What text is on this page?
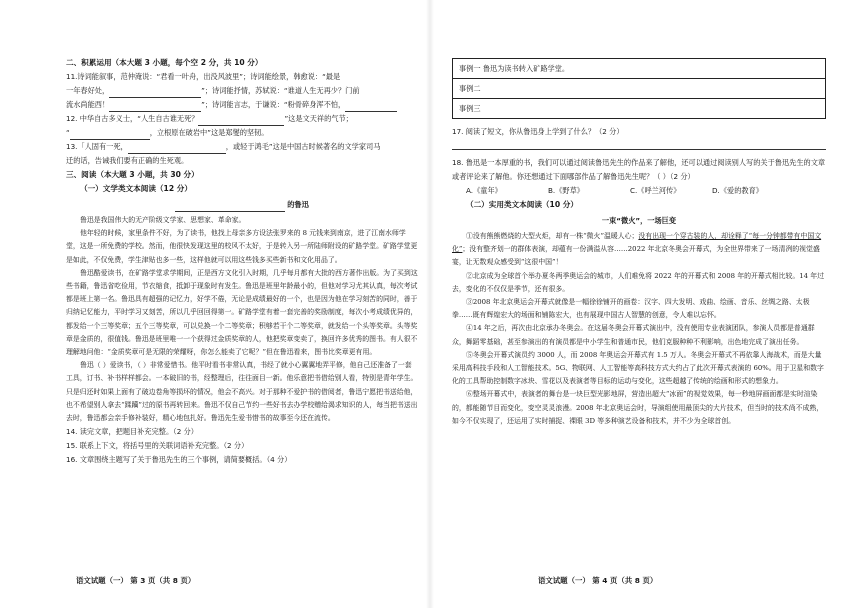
二、积累运用（本大题 3 小题，每个空 2 分，共 10 分）
11.诗词能叙事，范仲淹说：“君看一叶舟，出没风波里”；诗词能绘景，韩愈说：“最是
一年春好处，	”；诗词能抒情，苏轼说：“谁道人生无再少？门前
流水尚能西！	”；诗词能言志，于谦说：“粉骨碎身浑不怕，
12. 中华自古多义士，“人生自古谁无死？	”这是文天祥的气节；
“	，立根原在破岩中”这是郑燮的坚韧。
13.「人固有一死，	，或轻于鸿毛”这是中国古时候著名的文学家司马
迁的话，告诫我们要有正确的生死观。
三、阅读（本大题 3 小题，共 30 分）
（一）文学类文本阅读（12 分）
的鲁迅

鲁迅是我国伟大的无产阶级文学家、思想家、革命家。

他年轻的时候，家里条件不好，为了读书，他找上母亲多方设法张罗来的 8 元钱来到南京，进了江南水师学堂，这是一所免费的学校。然而，他很快发现这里的校风不太好，于是转入另一所陆师附设的矿路学堂。矿路学堂更是如此，不仅免费，学生津贴也多一些，这样他就可以用这些钱多买些新书和文化用品了。

鲁迅酷爱读书，在矿路学堂求学期间，正是西方文化引入时期，几乎每月都有大批的西方著作出版。为了买到这些书籍，鲁迅省吃俭用，节衣缩食，抵卸于现象时有发生。鲁迅是班里年龄最小的，但他对学习尤其认真，每次考试都是班上第一名。鲁迅具有超强的记忆力，好学不倦，无论是成绩最好的一个，也是因为他在学习刻苦的同时，善于归纳记忆能力，平时学习又刻苦，所以几乎回回得第一。矿路学堂有着一套完善的奖励制度，每次小考成绩优异的，都发给一个三等奖章；五个三等奖章，可以兑换一个二等奖章；积够若干个二等奖章，就发给一个头等奖章。头等奖章是金质的，很值钱。鲁迅是班里唯一一个获得过金质奖章的人，他把奖章变卖了，换回许多优秀的图书。有人很不理解地问他：“金质奖章可是无限的荣耀呀，你怎么能卖了它呢？”但在鲁迅看来，图书比奖章更有用。

鲁迅（ ）爱读书，（ ）非常爱惜书。他平时看书非常认真，书经了就小心翼翼地弄平修，他自己还准备了一套工具，订书、补书样样都会。一本破旧的书，经整理后，往往面目一新。他乐意把书借给别人看，特别是青年学生。只是归还时如果上面有了破边卷角等损坏的情况，他会不高兴。对于那种不爱护书的借阅者，鲁迅宁愿把书送给他，也不希望别人拿去“蹂躏”过的原书再转回来。鲁迅不仅自己节约一些好书去办学校赠给渴求知识的人，每当把书送出去时，鲁迅都会亲手修补装好，精心地包扎好。鲁迅先生爱书惜书的故事至今还在流传。

14. 读完文章，把题目补充完整。（2 分）
15. 联系上下文，将括号里的关联词语补充完整。（2 分）
16. 文章围绕主题写了关于鲁迅先生的三个事例，请简要概括。（4 分）
语文试题（一） 第 3 页（共 8 页）
事例一 鲁迅为读书转入矿路学堂。
事例二
事例三
17. 阅读了短文，你从鲁迅身上学到了什么？（2 分）
18. 鲁迅是一本厚重的书，我们可以通过阅读鲁迅先生的作品来了解他，还可以通过阅读别人写的关于鲁迅先生的文章或者评论来了解他。你还想通过下面哪部作品了解鲁迅先生呢？（ ）（2 分）
A.《童年》	B.《野草》	C.《呼兰河传》	D.《爱的教育》
（二）实用类文本阅读（10 分）
一束“微火”，一场巨变

①没有熊熊燃烧的大型火炬，却有一株“微火”温暖人心；没有出现一个穿古装的人，却诠释了“每一分钟都带有中国文化”；没有整齐划一的群体表演，却蕴有一份满溢从容……2022 年北京冬奥会开幕式，为全世界带来了一场清冽的视觉盛宴，让无数观众感受到“这很中国”！

②北京成为全球首个举办夏冬两季奥运会的城市，人们难免将 2022 年的开幕式和 2008 年的开幕式相比较。14 年过去，变化的不仅仅是季节，还有很多。

③2008 年北京奥运会开幕式就像是一幅徐徐铺开的画卷：汉字、四大发明、戏曲、绘画、音乐、丝绸之路、太极拳……既有辉煌宏大的场面和铺陈宏大，也有展现中国古人智慧的创意，令人难以忘怀。

④14 年之后，再次由北京承办冬奥会。在这届冬奥会开幕式演出中，没有使用专业表演团队，参演人员都是普通群众，舞蹈零基础，甚至参演出的有演员都是中小学生和普通市民，他们克服种种不利影响，出色地完成了演出任务。

⑤冬奥会开幕式演员约 3000 人，而 2008 年奥运会开幕式有 1.5 万人。冬奥会开幕式不再依靠人海战术，而是大量采用高科技手段和人工智能技术。5G、物联网、人工智能等高科技方式大约占了此次开幕式表演的 60%。用于卫星和数字化的工具帮助控制数字冰块、雪花以及表演者等目标的运动与变化，这些超越了传统的绘画和形式的想象力。

⑥整场开幕式中，表演者的舞台是一块巨型光影地屏，营造出超大“冰面”的视觉效果，每一秒地屏画面都是实时渲染的，都能随节目而变化，变空灵灵浪漫。2008 年北京奥运会时，导演组使用最顶尖的大片技术，但当时的技术尚不成熟，如今不仅实现了，还运用了实时捕捉、裸眼 3D 等多种演艺设备和技术，并不少为全球首创。

语文试题（一） 第 4 页（共 8 页）
